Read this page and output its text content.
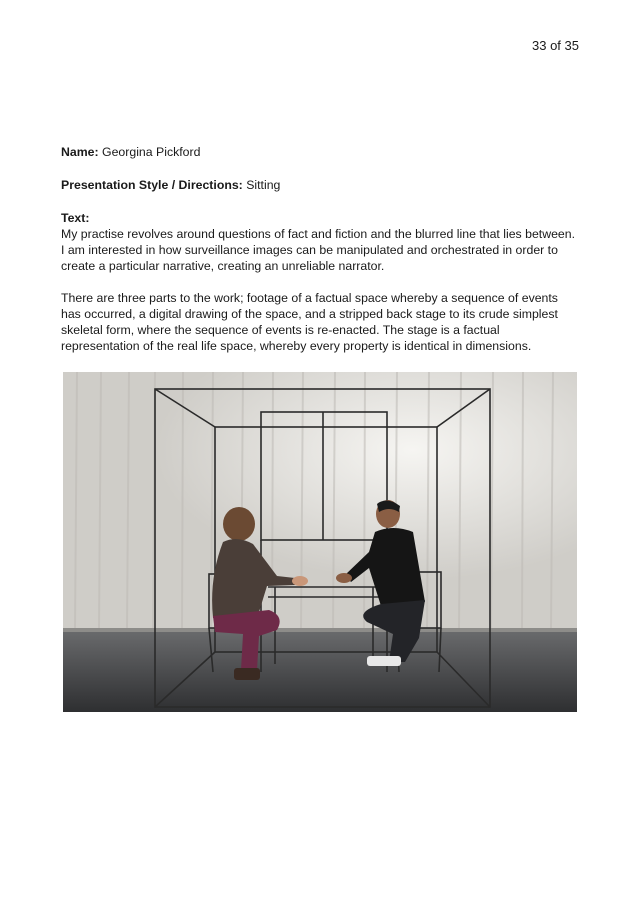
33 of 35

Name: Georgina Pickford

Presentation Style / Directions: Sitting

Text:

My practise revolves around questions of fact and fiction and the blurred line that lies between. I am interested in how surveillance images can be manipulated and orchestrated in order to create a particular narrative, creating an unreliable narrator.

There are three parts to the work; footage of a factual space whereby a sequence of events has occurred, a digital drawing of the space, and a stripped back stage to its crude simplest skeletal form, where the sequence of events is re-enacted. The stage is a factual representation of the real life space, whereby every property is identical in dimensions.
